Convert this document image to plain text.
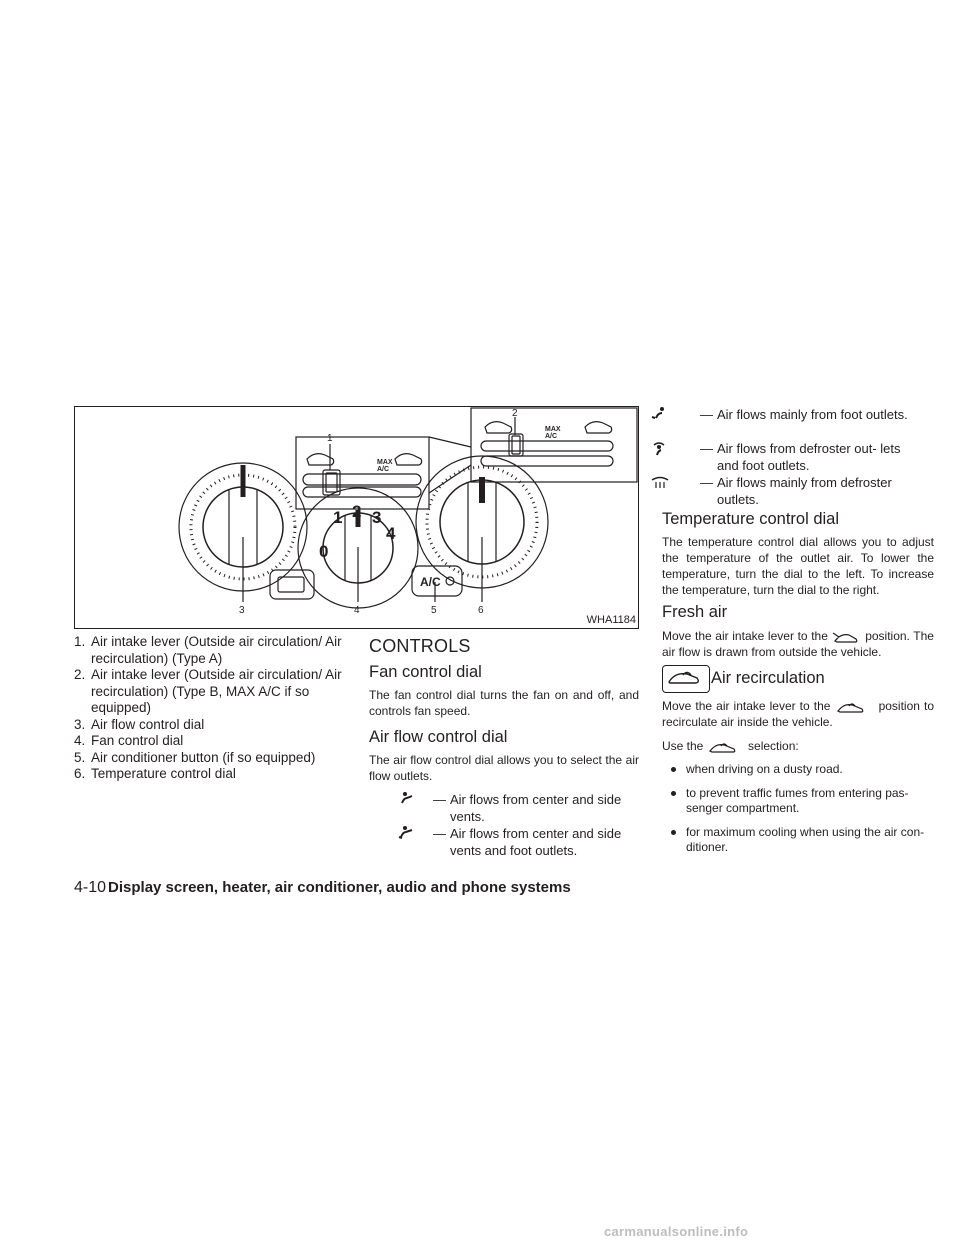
1
2
3	4	5	6
MAX
A/C
MAX
A/C
A/C
0
1 2 3
4
WHA1184
1. Air intake lever (Outside air circulation/ Air recirculation) (Type A)
2. Air intake lever (Outside air circulation/ Air recirculation) (Type B, MAX A/C if so equipped)
3. Air flow control dial
4. Fan control dial
5. Air conditioner button (if so equipped)
6. Temperature control dial
CONTROLS
Fan control dial
The fan control dial turns the fan on and off, and controls fan speed.
Air flow control dial
The air flow control dial allows you to select the air flow outlets.
— Air flows from center and side vents.
— Air flows from center and side vents and foot outlets.
— Air flows mainly from foot outlets.
— Air flows from defroster out- lets and foot outlets.
— Air flows mainly from defroster outlets.
Temperature control dial
The temperature control dial allows you to adjust the temperature of the outlet air. To lower the temperature, turn the dial to the left. To increase the temperature, turn the dial to the right.
Fresh air
Move the air intake lever to the	position. The air flow is drawn from outside the vehicle.
Air recirculation
Move the air intake lever to the	position to recirculate air inside the vehicle.
Use the	selection:
when driving on a dusty road.
to prevent traffic fumes from entering pas- senger compartment.
for maximum cooling when using the air con- ditioner.
4-10 Display screen, heater, air conditioner, audio and phone systems
carmanualsonline.info
